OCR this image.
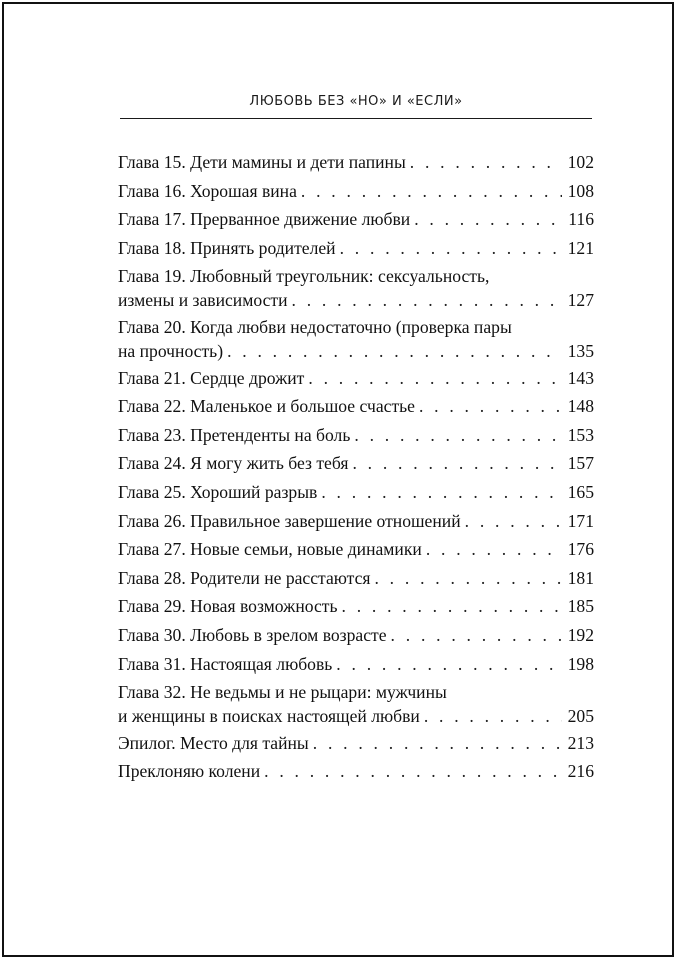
ЛЮБОВЬ БЕЗ «НО» И «ЕСЛИ»
Глава 15. Дети мамины и дети папины . . .	102
Глава 16. Хорошая вина . . .	108
Глава 17. Прерванное движение любви . . .	116
Глава 18. Принять родителей . . .	121
Глава 19. Любовный треугольник: сексуальность,
измены и зависимости . . .	127
Глава 20. Когда любви недостаточно (проверка пары
на прочность) . . .	135
Глава 21. Сердце дрожит . . .	143
Глава 22. Маленькое и большое счастье . . .	148
Глава 23. Претенденты на боль . . .	153
Глава 24. Я могу жить без тебя . . .	157
Глава 25. Хороший разрыв . . .	165
Глава 26. Правильное завершение отношений . . .	171
Глава 27. Новые семьи, новые динамики . . .	176
Глава 28. Родители не расстаются . . .	181
Глава 29. Новая возможность . . .	185
Глава 30. Любовь в зрелом возрасте . . .	192
Глава 31. Настоящая любовь . . .	198
Глава 32. Не ведьмы и не рыцари: мужчины
и женщины в поисках настоящей любви . . .	205
Эпилог. Место для тайны . . .	213
Преклоняю колени . . .	216
